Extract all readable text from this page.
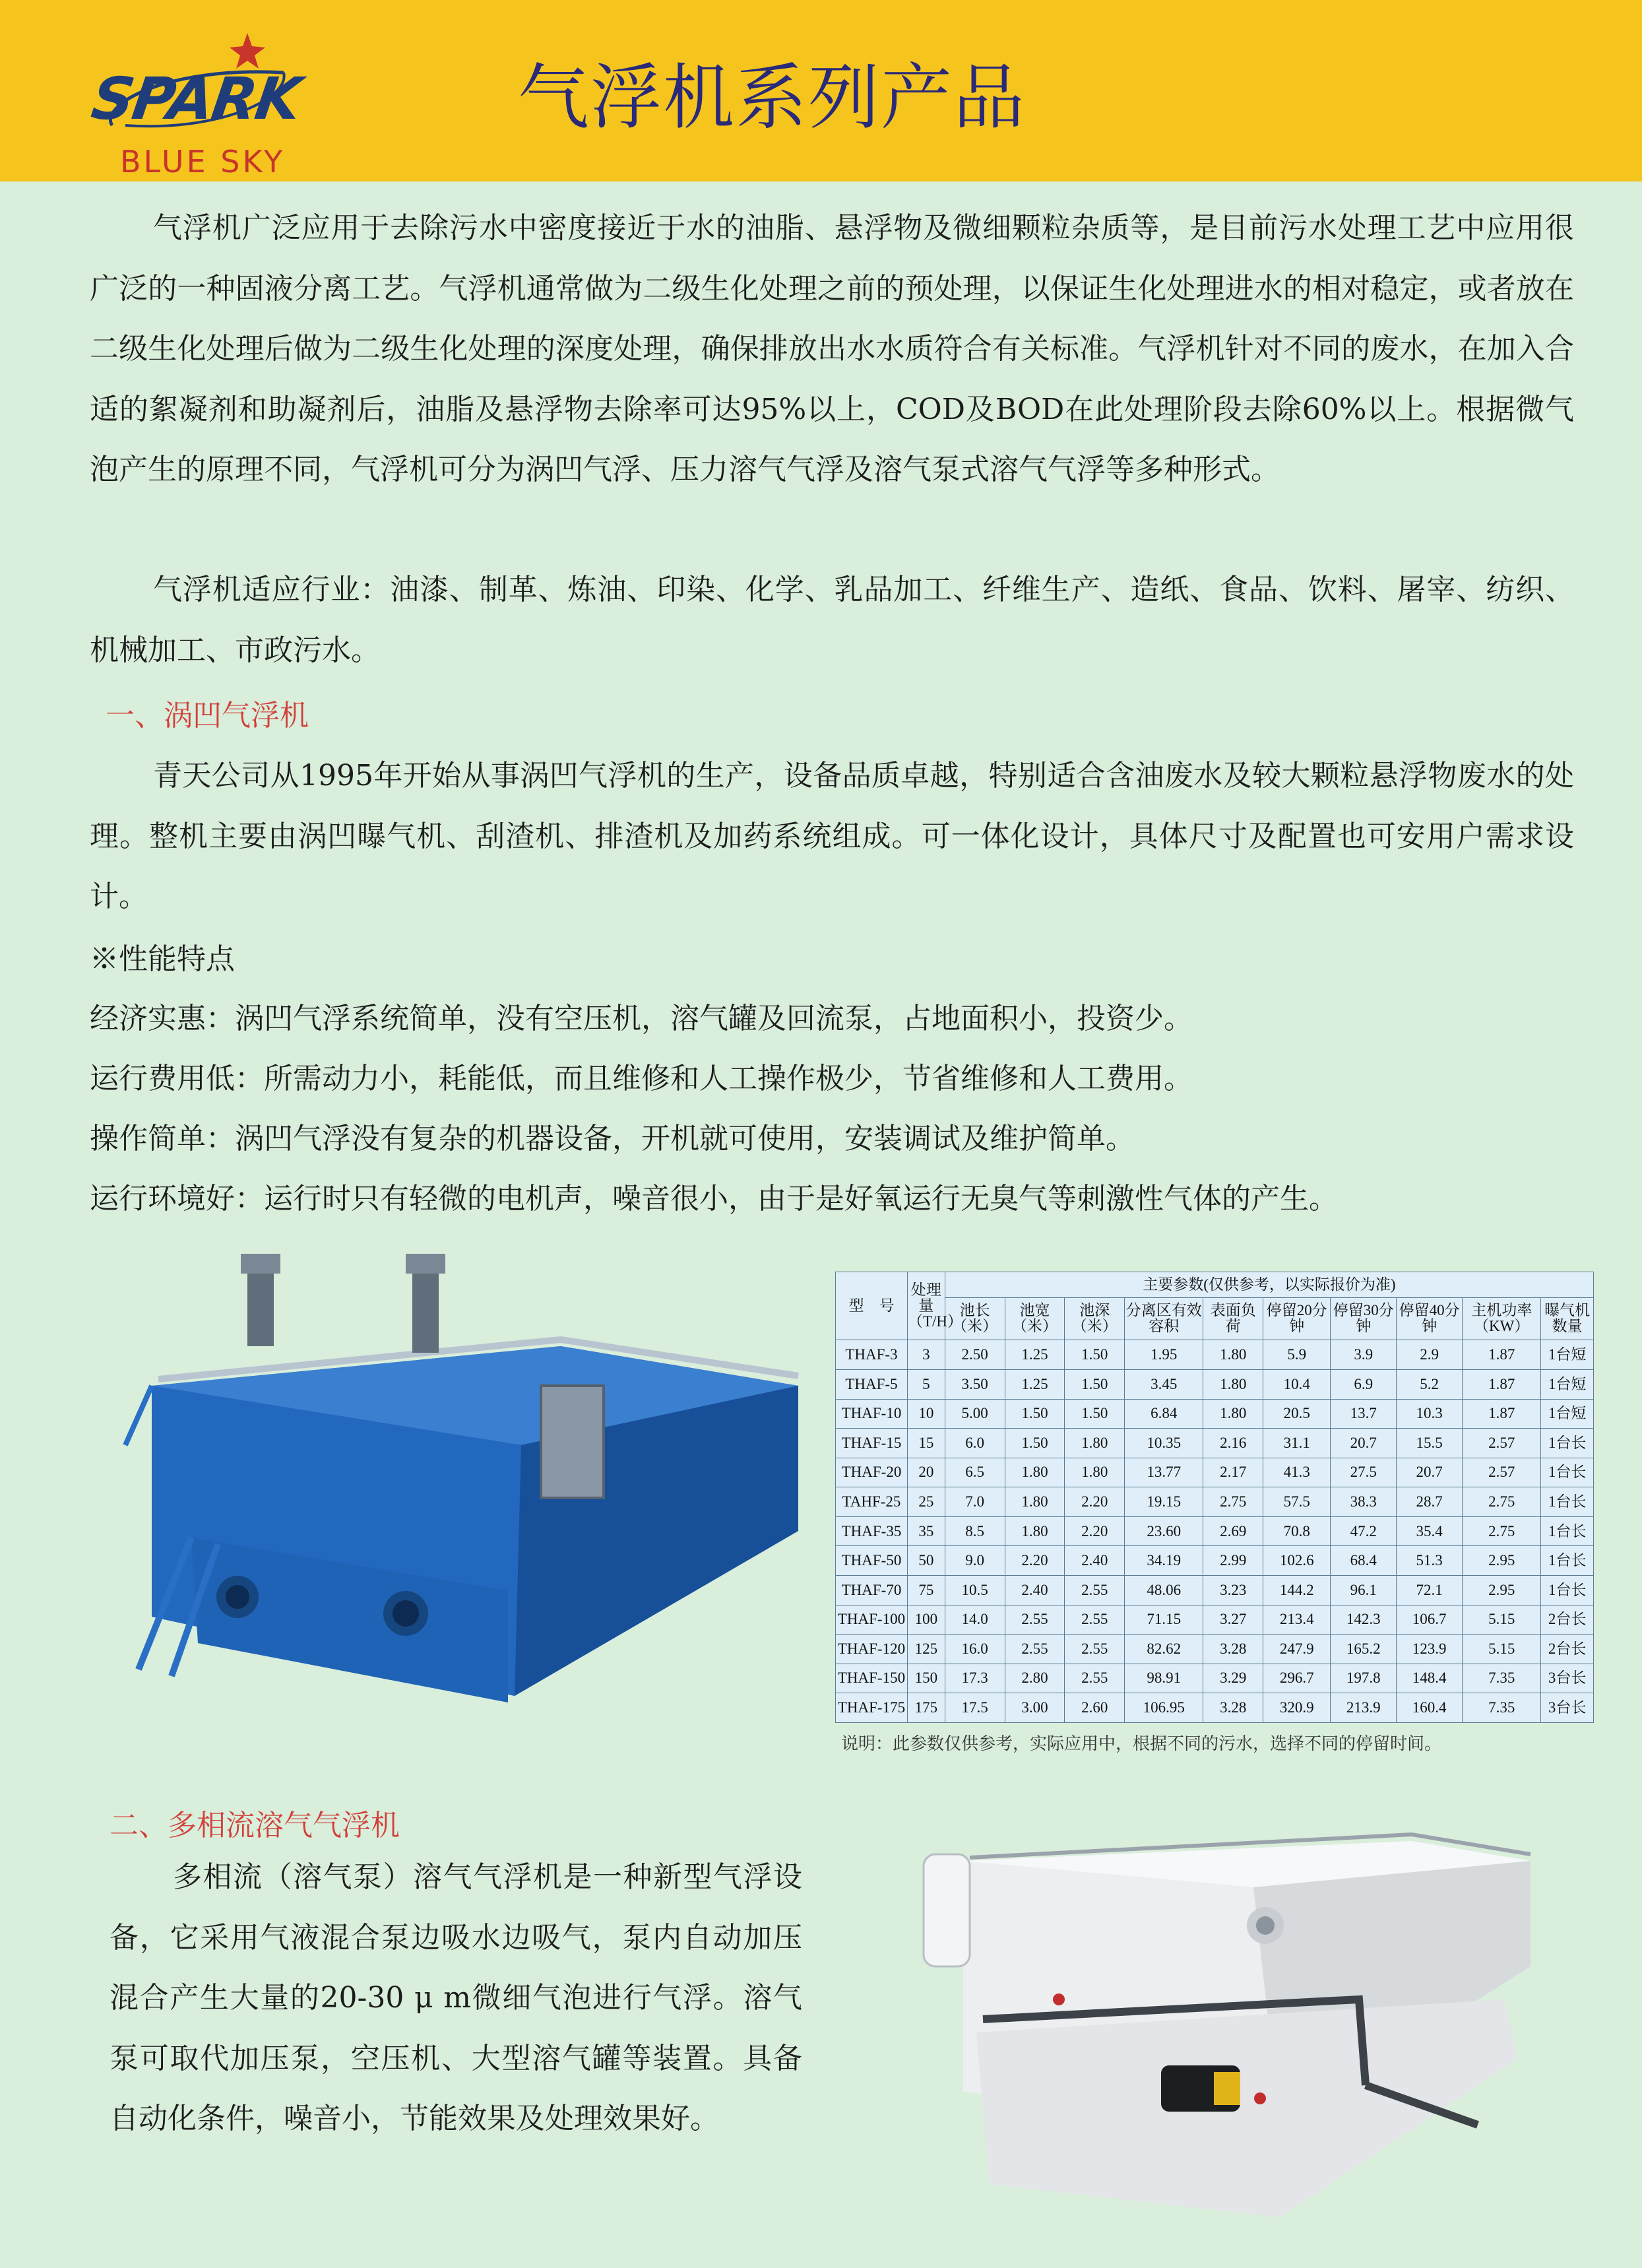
SPARK
BLUE SKY
气浮机系列产品

气浮机广泛应用于去除污水中密度接近于水的油脂、悬浮物及微细颗粒杂质等，是目前污水处理工艺中应用很广泛的一种固液分离工艺。气浮机通常做为二级生化处理之前的预处理，以保证生化处理进水的相对稳定，或者放在二级生化处理后做为二级生化处理的深度处理，确保排放出水水质符合有关标准。气浮机针对不同的废水，在加入合适的絮凝剂和助凝剂后，油脂及悬浮物去除率可达95%以上，COD及BOD在此处理阶段去除60%以上。根据微气泡产生的原理不同，气浮机可分为涡凹气浮、压力溶气气浮及溶气泵式溶气气浮等多种形式。

气浮机适应行业：油漆、制革、炼油、印染、化学、乳品加工、纤维生产、造纸、食品、饮料、屠宰、纺织、机械加工、市政污水。

一、涡凹气浮机

青天公司从1995年开始从事涡凹气浮机的生产，设备品质卓越，特别适合含油废水及较大颗粒悬浮物废水的处理。整机主要由涡凹曝气机、刮渣机、排渣机及加药系统组成。可一体化设计，具体尺寸及配置也可安用户需求设计。

※性能特点

经济实惠：涡凹气浮系统简单，没有空压机，溶气罐及回流泵，占地面积小，投资少。

运行费用低：所需动力小，耗能低，而且维修和人工操作极少，节省维修和人工费用。

操作简单：涡凹气浮没有复杂的机器设备，开机就可使用，安装调试及维护简单。

运行环境好：运行时只有轻微的电机声，噪音很小，由于是好氧运行无臭气等刺激性气体的产生。

型　号	处理量（T/H）	主要参数(仅供参考，以实际报价为准)									
		池长（米）	池宽（米）	池深（米）	分离区有效容积	表面负荷	停留20分钟	停留30分钟	停留40分钟	主机功率（KW）	曝气机数量
THAF-3	3	2.50	1.25	1.50	1.95	1.80	5.9	3.9	2.9	1.87	1台短
THAF-5	5	3.50	1.25	1.50	3.45	1.80	10.4	6.9	5.2	1.87	1台短
THAF-10	10	5.00	1.50	1.50	6.84	1.80	20.5	13.7	10.3	1.87	1台短
THAF-15	15	6.0	1.50	1.80	10.35	2.16	31.1	20.7	15.5	2.57	1台长
THAF-20	20	6.5	1.80	1.80	13.77	2.17	41.3	27.5	20.7	2.57	1台长
TAHF-25	25	7.0	1.80	2.20	19.15	2.75	57.5	38.3	28.7	2.75	1台长
THAF-35	35	8.5	1.80	2.20	23.60	2.69	70.8	47.2	35.4	2.75	1台长
THAF-50	50	9.0	2.20	2.40	34.19	2.99	102.6	68.4	51.3	2.95	1台长
THAF-70	75	10.5	2.40	2.55	48.06	3.23	144.2	96.1	72.1	2.95	1台长
THAF-100	100	14.0	2.55	2.55	71.15	3.27	213.4	142.3	106.7	5.15	2台长
THAF-120	125	16.0	2.55	2.55	82.62	3.28	247.9	165.2	123.9	5.15	2台长
THAF-150	150	17.3	2.80	2.55	98.91	3.29	296.7	197.8	148.4	7.35	3台长
THAF-175	175	17.5	3.00	2.60	106.95	3.28	320.9	213.9	160.4	7.35	3台长

说明：此参数仅供参考，实际应用中，根据不同的污水，选择不同的停留时间。

二、多相流溶气气浮机

多相流（溶气泵）溶气气浮机是一种新型气浮设备，它采用气液混合泵边吸水边吸气，泵内自动加压混合产生大量的20-30 μ m微细气泡进行气浮。溶气泵可取代加压泵，空压机、大型溶气罐等装置。具备自动化条件，噪音小，节能效果及处理效果好。
